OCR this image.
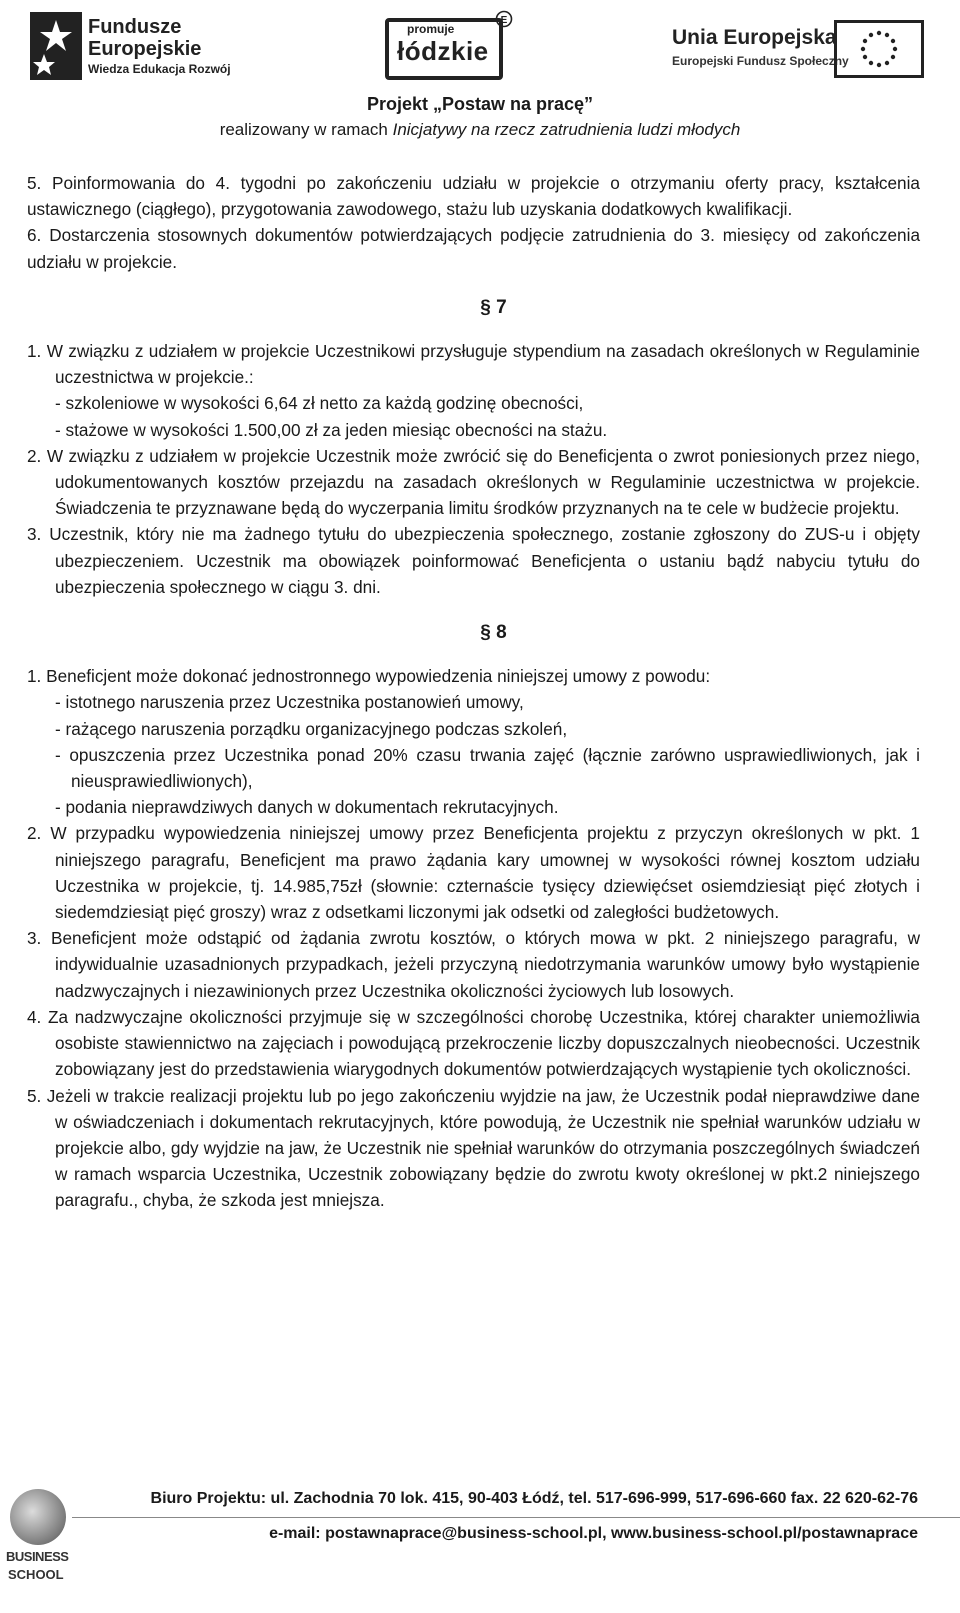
Fundusze
Europejskie
Wiedza Edukacja Rozwój
promuje
łódzkie
E
Unia Europejska
Europejski Fundusz Społeczny
Projekt „Postaw na pracę”
realizowany w ramach Inicjatywy na rzecz zatrudnienia ludzi młodych
5. Poinformowania do 4. tygodni po zakończeniu udziału w projekcie o otrzymaniu oferty pracy, kształcenia ustawicznego (ciągłego), przygotowania zawodowego, stażu lub uzyskania dodatkowych kwalifikacji.
6. Dostarczenia stosownych dokumentów potwierdzających podjęcie zatrudnienia do 3. miesięcy od zakończenia udziału w projekcie.
§ 7
1. W związku z udziałem w projekcie Uczestnikowi przysługuje stypendium na zasadach określonych w Regulaminie uczestnictwa w projekcie.:
- szkoleniowe w wysokości 6,64 zł netto za każdą godzinę obecności,
- stażowe w wysokości 1.500,00 zł za jeden miesiąc obecności na stażu.
2. W związku z udziałem w projekcie Uczestnik może zwrócić się do Beneficjenta o zwrot poniesionych przez niego, udokumentowanych kosztów przejazdu na zasadach określonych w Regulaminie uczestnictwa w projekcie. Świadczenia te przyznawane będą do wyczerpania limitu środków przyznanych na te cele w budżecie projektu.
3. Uczestnik, który nie ma żadnego tytułu do ubezpieczenia społecznego, zostanie zgłoszony do ZUS-u i objęty ubezpieczeniem. Uczestnik ma obowiązek poinformować Beneficjenta o ustaniu bądź nabyciu tytułu do ubezpieczenia społecznego w ciągu 3. dni.
§ 8
1. Beneficjent może dokonać jednostronnego wypowiedzenia niniejszej umowy z powodu:
- istotnego naruszenia przez Uczestnika postanowień umowy,
- rażącego naruszenia porządku organizacyjnego podczas szkoleń,
- opuszczenia przez Uczestnika ponad 20% czasu trwania zajęć (łącznie zarówno usprawiedliwionych, jak i nieusprawiedliwionych),
- podania nieprawdziwych danych w dokumentach rekrutacyjnych.
2. W przypadku wypowiedzenia niniejszej umowy przez Beneficjenta projektu z przyczyn określonych w pkt. 1 niniejszego paragrafu, Beneficjent ma prawo żądania kary umownej w wysokości równej kosztom udziału Uczestnika w projekcie, tj. 14.985,75zł (słownie: czternaście tysięcy dziewięćset osiemdziesiąt pięć złotych i siedemdziesiąt pięć groszy) wraz z odsetkami liczonymi jak odsetki od zaległości budżetowych.
3. Beneficjent może odstąpić od żądania zwrotu kosztów, o których mowa w pkt. 2 niniejszego paragrafu, w indywidualnie uzasadnionych przypadkach, jeżeli przyczyną niedotrzymania warunków umowy było wystąpienie nadzwyczajnych i niezawinionych przez Uczestnika okoliczności życiowych lub losowych.
4. Za nadzwyczajne okoliczności przyjmuje się w szczególności chorobę Uczestnika, której charakter uniemożliwia osobiste stawiennictwo na zajęciach i powodującą przekroczenie liczby dopuszczalnych nieobecności. Uczestnik zobowiązany jest do przedstawienia wiarygodnych dokumentów potwierdzających wystąpienie tych okoliczności.
5. Jeżeli w trakcie realizacji projektu lub po jego zakończeniu wyjdzie na jaw, że Uczestnik podał nieprawdziwe dane w oświadczeniach i dokumentach rekrutacyjnych, które powodują, że Uczestnik nie spełniał warunków udziału w projekcie albo, gdy wyjdzie na jaw, że Uczestnik nie spełniał warunków do otrzymania poszczególnych świadczeń w ramach wsparcia Uczestnika, Uczestnik zobowiązany będzie do zwrotu kwoty określonej w pkt.2 niniejszego paragrafu., chyba, że szkoda jest mniejsza.
BUSINESS
SCHOOL
Biuro Projektu: ul. Zachodnia 70 lok. 415, 90-403 Łódź, tel. 517-696-999, 517-696-660 fax. 22 620-62-76
e-mail: postawnaprace@business-school.pl, www.business-school.pl/postawnaprace
